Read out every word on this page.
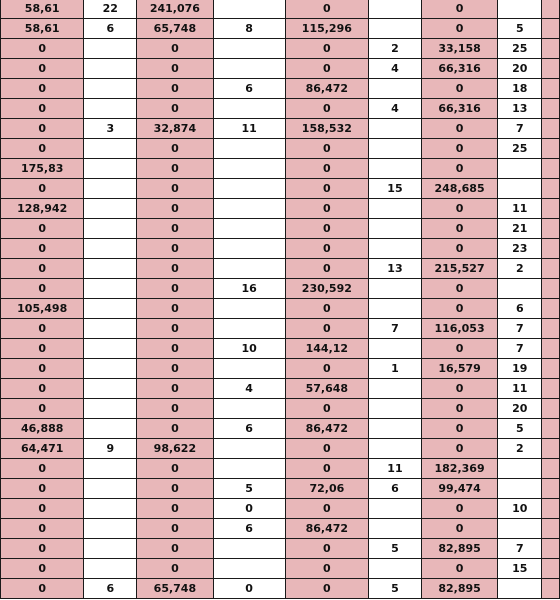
58,61	22	241,076		0		0		
58,61	6	65,748	8	115,296		0	5	
0		0		0	2	33,158	25	
0		0		0	4	66,316	20	
0		0	6	86,472		0	18	
0		0		0	4	66,316	13	
0	3	32,874	11	158,532		0	7	
0		0		0		0	25	
175,83		0		0		0		
0		0		0	15	248,685		
128,942		0		0		0	11	
0		0		0		0	21	
0		0		0		0	23	
0		0		0	13	215,527	2	
0		0	16	230,592		0		
105,498		0		0		0	6	
0		0		0	7	116,053	7	
0		0	10	144,12		0	7	
0		0		0	1	16,579	19	
0		0	4	57,648		0	11	
0		0		0		0	20	
46,888		0	6	86,472		0	5	
64,471	9	98,622		0		0	2	
0		0		0	11	182,369		
0		0	5	72,06	6	99,474		
0		0	0	0		0	10	
0		0	6	86,472		0		
0		0		0	5	82,895	7	
0		0		0		0	15	
0	6	65,748	0	0	5	82,895		
